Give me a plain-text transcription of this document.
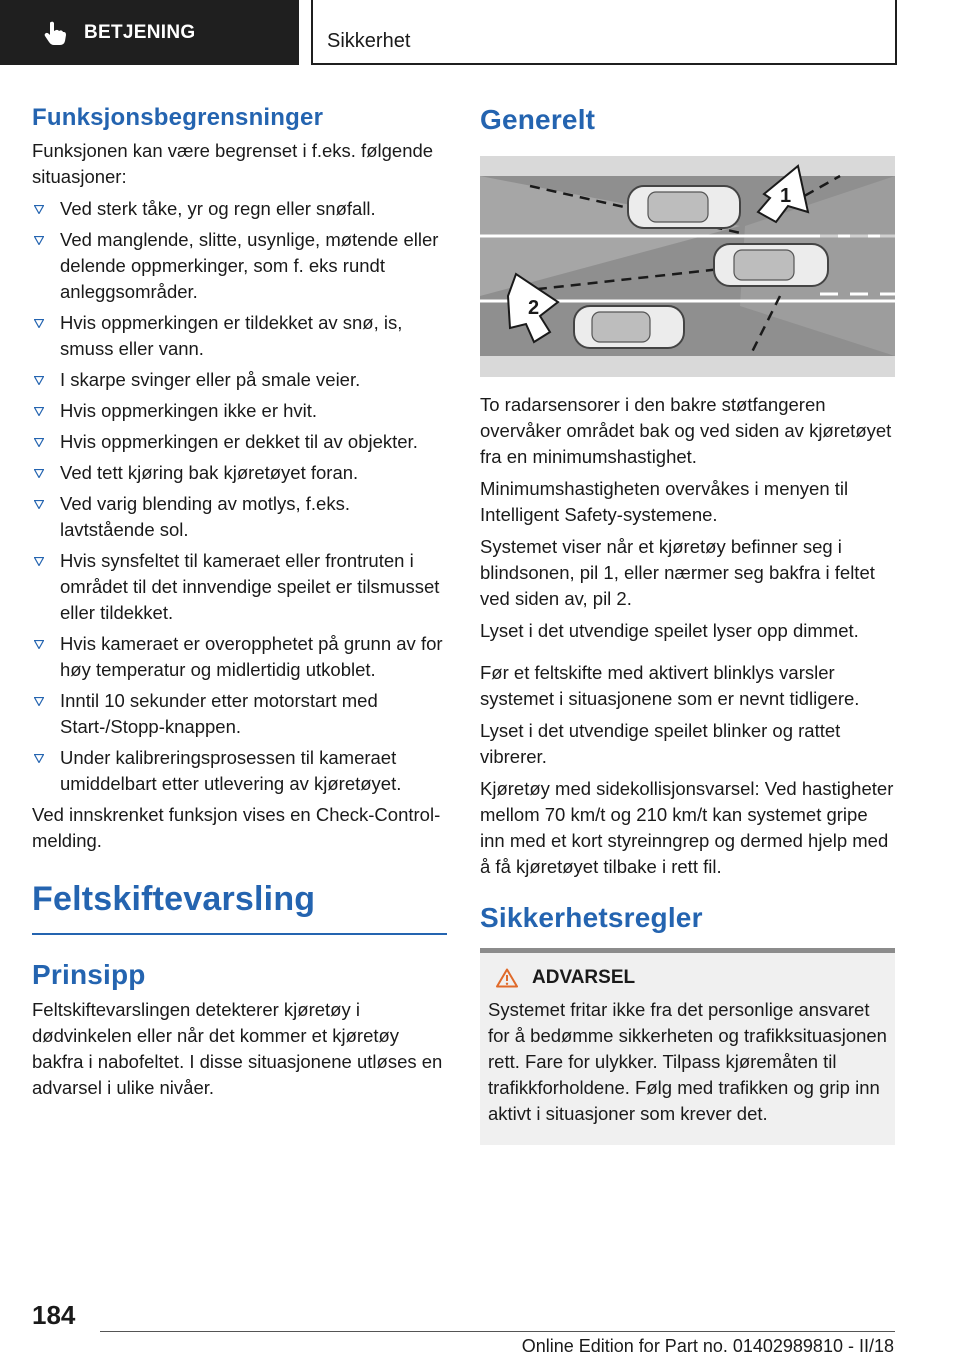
BETJENING	Sikkerhet
Funksjonsbegrensninger

Funksjonen kan være begrenset i f.eks. følgende situasjoner:

Ved sterk tåke, yr og regn eller snøfall.
Ved manglende, slitte, usynlige, møtende eller delende oppmerkinger, som f. eks rundt anleggsområder.
Hvis oppmerkingen er tildekket av snø, is, smuss eller vann.
I skarpe svinger eller på smale veier.
Hvis oppmerkingen ikke er hvit.
Hvis oppmerkingen er dekket til av objekter.
Ved tett kjøring bak kjøretøyet foran.
Ved varig blending av motlys, f.eks. lavtstående sol.
Hvis synsfeltet til kameraet eller frontruten i området til det innvendige speilet er tilsmusset eller tildekket.
Hvis kameraet er overopphetet på grunn av for høy temperatur og midlertidig utkoblet.
Inntil 10 sekunder etter motorstart med Start-/Stopp-knappen.
Under kalibreringsprosessen til kameraet umiddelbart etter utlevering av kjøretøyet.

Ved innskrenket funksjon vises en Check-Control-melding.

Feltskiftevarsling
Prinsipp

Feltskiftevarslingen detekterer kjøretøy i dødvinkelen eller når det kommer et kjøretøy bakfra i nabofeltet. I disse situasjonene utløses en advarsel i ulike nivåer.

Generelt
1
2

To radarsensorer i den bakre støtfangeren overvåker området bak og ved siden av kjøretøyet fra en minimumshastighet.

Minimumshastigheten overvåkes i menyen til Intelligent Safety-systemene.

Systemet viser når et kjøretøy befinner seg i blindsonen, pil 1, eller nærmer seg bakfra i feltet ved siden av, pil 2.

Lyset i det utvendige speilet lyser opp dimmet.

Før et feltskifte med aktivert blinklys varsler systemet i situasjonene som er nevnt tidligere.

Lyset i det utvendige speilet blinker og rattet vibrerer.

Kjøretøy med sidekollisjonsvarsel: Ved hastigheter mellom 70 km/t og 210 km/t kan systemet gripe inn med et kort styreinngrep og dermed hjelp med å få kjøretøyet tilbake i rett fil.

Sikkerhetsregler
ADVARSEL

Systemet fritar ikke fra det personlige ansvaret for å bedømme sikkerheten og trafikksituasjonen rett. Fare for ulykker. Tilpass kjøremåten til trafikkforholdene. Følg med trafikken og grip inn aktivt i situasjoner som krever det.

184
Online Edition for Part no. 01402989810 - II/18
